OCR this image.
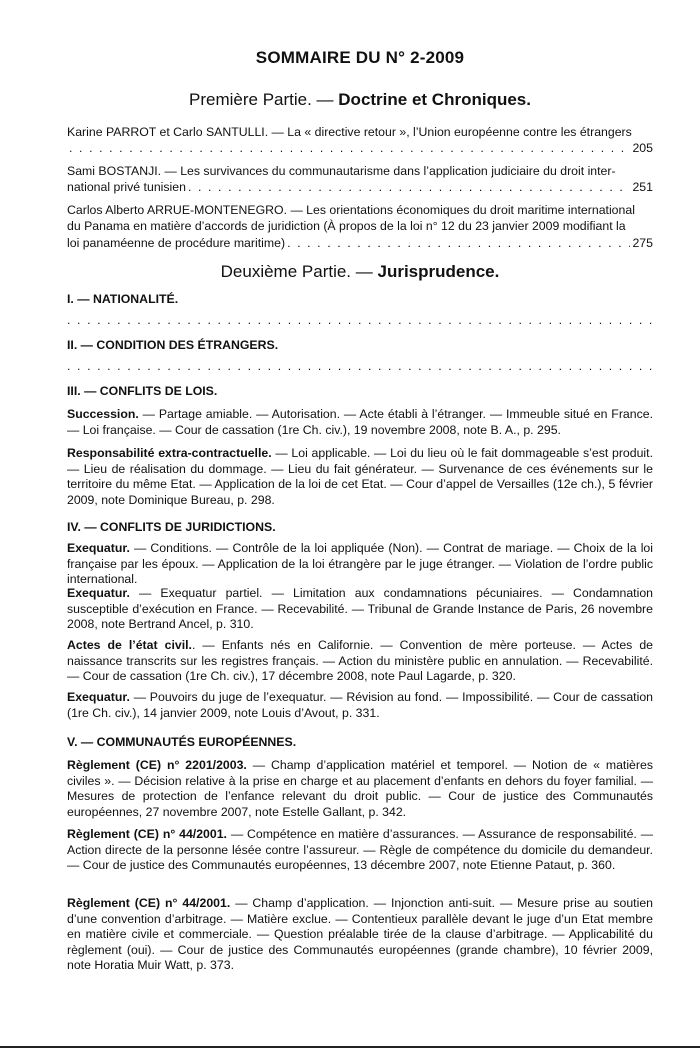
SOMMAIRE DU N° 2-2009
Première Partie. — Doctrine et Chroniques.
Karine PARROT et Carlo SANTULLI. — La « directive retour », l’Union européenne contre les étrangers
. . .
205
Sami BOSTANJI. — Les survivances du communautarisme dans l’application judiciaire du droit inter-
national privé tunisien . . .	251
Carlos Alberto ARRUE-MONTENEGRO. — Les orientations économiques du droit maritime international
du Panama en matière d’accords de juridiction (À propos de la loi n° 12 du 23 janvier 2009 modifiant la
loi panaméenne de procédure maritime) . . .	275
Deuxième Partie. — Jurisprudence.
I. — NATIONALITÉ.
. . .
II. — CONDITION DES ÉTRANGERS.
. . .
III. — CONFLITS DE LOIS.
Succession. — Partage amiable. — Autorisation. — Acte établi à l’étranger. — Immeuble situé en France. — Loi française. — Cour de cassation (1re Ch. civ.), 19 novembre 2008, note B. A., p. 295.
Responsabilité extra-contractuelle. — Loi applicable. — Loi du lieu où le fait dommageable s’est produit. — Lieu de réalisation du dommage. — Lieu du fait générateur. — Survenance de ces événements sur le territoire du même Etat. — Application de la loi de cet Etat. — Cour d’appel de Versailles (12e ch.), 5 février 2009, note Dominique Bureau, p. 298.
IV. — CONFLITS DE JURIDICTIONS.
Exequatur. — Conditions. — Contrôle de la loi appliquée (Non). — Contrat de mariage. — Choix de la loi française par les époux. — Application de la loi étrangère par le juge étranger. — Violation de l’ordre public international.
Exequatur. — Exequatur partiel. — Limitation aux condamnations pécuniaires. — Condamnation susceptible d’exécution en France. — Recevabilité. — Tribunal de Grande Instance de Paris, 26 novembre 2008, note Bertrand Ancel, p. 310.
Actes de l’état civil.. — Enfants nés en Californie. — Convention de mère porteuse. — Actes de naissance transcrits sur les registres français. — Action du ministère public en annulation. — Recevabilité. — Cour de cassation (1re Ch. civ.), 17 décembre 2008, note Paul Lagarde, p. 320.
Exequatur. — Pouvoirs du juge de l’exequatur. — Révision au fond. — Impossibilité. — Cour de cassation (1re Ch. civ.), 14 janvier 2009, note Louis d’Avout, p. 331.
V. — COMMUNAUTÉS EUROPÉENNES.
Règlement (CE) n° 2201/2003. — Champ d’application matériel et temporel. — Notion de « matières civiles ». — Décision relative à la prise en charge et au placement d’enfants en dehors du foyer familial. — Mesures de protection de l’enfance relevant du droit public. — Cour de justice des Communautés européennes, 27 novembre 2007, note Estelle Gallant, p. 342.
Règlement (CE) n° 44/2001. — Compétence en matière d’assurances. — Assurance de responsabilité. — Action directe de la personne lésée contre l’assureur. — Règle de compétence du domicile du demandeur. — Cour de justice des Communautés européennes, 13 décembre 2007, note Etienne Pataut, p. 360.
Règlement (CE) n° 44/2001. — Champ d’application. — Injonction anti-suit. — Mesure prise au soutien d’une convention d’arbitrage. — Matière exclue. — Contentieux parallèle devant le juge d’un Etat membre en matière civile et commerciale. — Question préalable tirée de la clause d’arbitrage. — Applicabilité du règlement (oui). — Cour de justice des Communautés européennes (grande chambre), 10 février 2009, note Horatia Muir Watt, p. 373.
